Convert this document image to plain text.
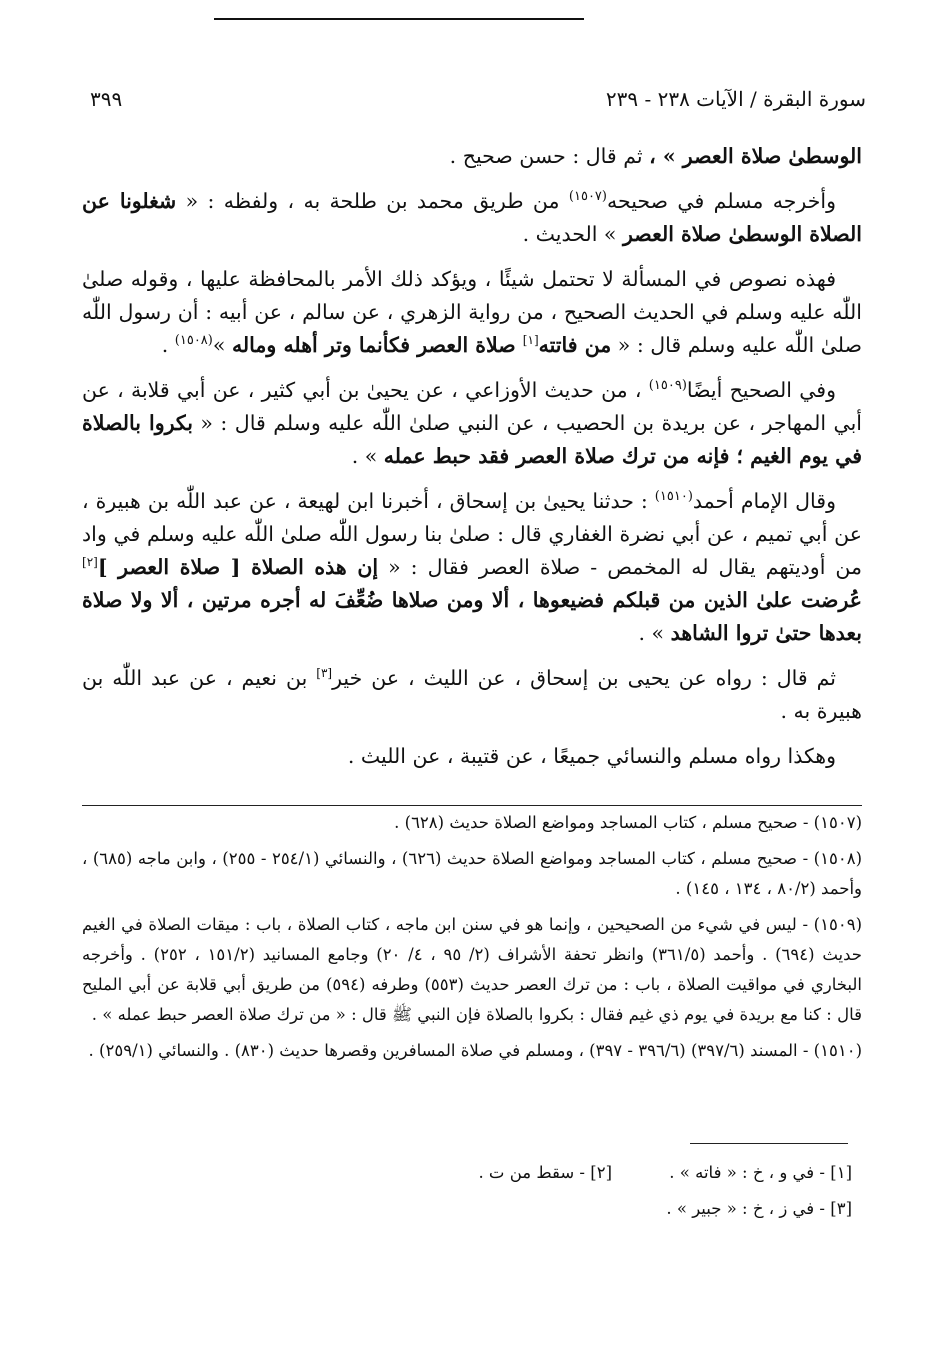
سورة البقرة / الآيات ٢٣٨ - ٢٣٩
٣٩٩

الوسطىٰ صلاة العصر » ، ثم قال : حسن صحيح .

وأخرجه مسلم في صحيحه$^{(١٥٠٧)}$ من طريق محمد بن طلحة به ، ولفظه : « شغلونا عن الصلاة الوسطىٰ صلاة العصر » الحديث .

فهذه نصوص في المسألة لا تحتمل شيئًا ، ويؤكد ذلك الأمر بالمحافظة عليها ، وقوله صلىٰ اللّٰه عليه وسلم في الحديث الصحيح ، من رواية الزهري ، عن سالم ، عن أبيه : أن رسول اللّٰه صلىٰ اللّٰه عليه وسلم قال : « من فاتته[١] صلاة العصر فكأنما وتر أهله وماله »$^{(١٥٠٨)}$ .

وفي الصحيح أيضًا$^{(١٥٠٩)}$ ، من حديث الأوزاعي ، عن يحيىٰ بن أبي كثير ، عن أبي قلابة ، عن أبي المهاجر ، عن بريدة بن الحصيب ، عن النبي صلىٰ اللّٰه عليه وسلم قال : « بكروا بالصلاة في يوم الغيم ؛ فإنه من ترك صلاة العصر فقد حبط عمله » .

وقال الإمام أحمد$^{(١٥١٠)}$ : حدثنا يحيىٰ بن إسحاق ، أخبرنا ابن لهيعة ، عن عبد اللّٰه بن هبيرة ، عن أبي تميم ، عن أبي نضرة الغفاري قال : صلىٰ بنا رسول اللّٰه صلىٰ اللّٰه عليه وسلم في واد من أوديتهم يقال له المخمص - صلاة العصر فقال : « إن هذه الصلاة [ صلاة العصر ][٢] عُرضت علىٰ الذين من قبلكم فضيعوها ، ألا ومن صلاها ضُعِّفَ له أجره مرتين ، ألا ولا صلاة بعدها حتىٰ تروا الشاهد » .

ثم قال : رواه عن يحيى بن إسحاق ، عن الليث ، عن خير[٣] بن نعيم ، عن عبد اللّٰه بن هبيرة به .

وهكذا رواه مسلم والنسائي جميعًا ، عن قتيبة ، عن الليث .

(١٥٠٧) - صحيح مسلم ، كتاب المساجد ومواضع الصلاة حديث (٦٢٨) .

(١٥٠٨) - صحيح مسلم ، كتاب المساجد ومواضع الصلاة حديث (٦٢٦) ، والنسائي (٢٥٤/١ - ٢٥٥) ، وابن ماجه (٦٨٥) ، وأحمد (٨٠/٢ ، ١٣٤ ، ١٤٥) .

(١٥٠٩) - ليس في شيء من الصحيحين ، وإنما هو في سنن ابن ماجه ، كتاب الصلاة ، باب : ميقات الصلاة في الغيم حديث (٦٩٤) . وأحمد (٣٦١/٥) وانظر تحفة الأشراف (٢/ ٩٥ ، ٤/ ٢٠) وجامع المسانيد (١٥١/٢ ، ٢٥٢) . وأخرجه البخاري في مواقيت الصلاة ، باب : من ترك العصر حديث (٥٥٣) وطرفه (٥٩٤) من طريق أبي قلابة عن أبي المليح قال : كنا مع بريدة في يوم ذي غيم فقال : بكروا بالصلاة فإن النبي ﷺ قال : « من ترك صلاة العصر حبط عمله » .

(١٥١٠) - المسند (٣٩٧/٦) (٣٩٦/٦ - ٣٩٧) ، ومسلم في صلاة المسافرين وقصرها حديث (٨٣٠) . والنسائي (٢٥٩/١) .

[١] - في و ، خ : « فاته » .
[٢] - سقط من ت .
[٣] - في ز ، خ : « جبير » .
